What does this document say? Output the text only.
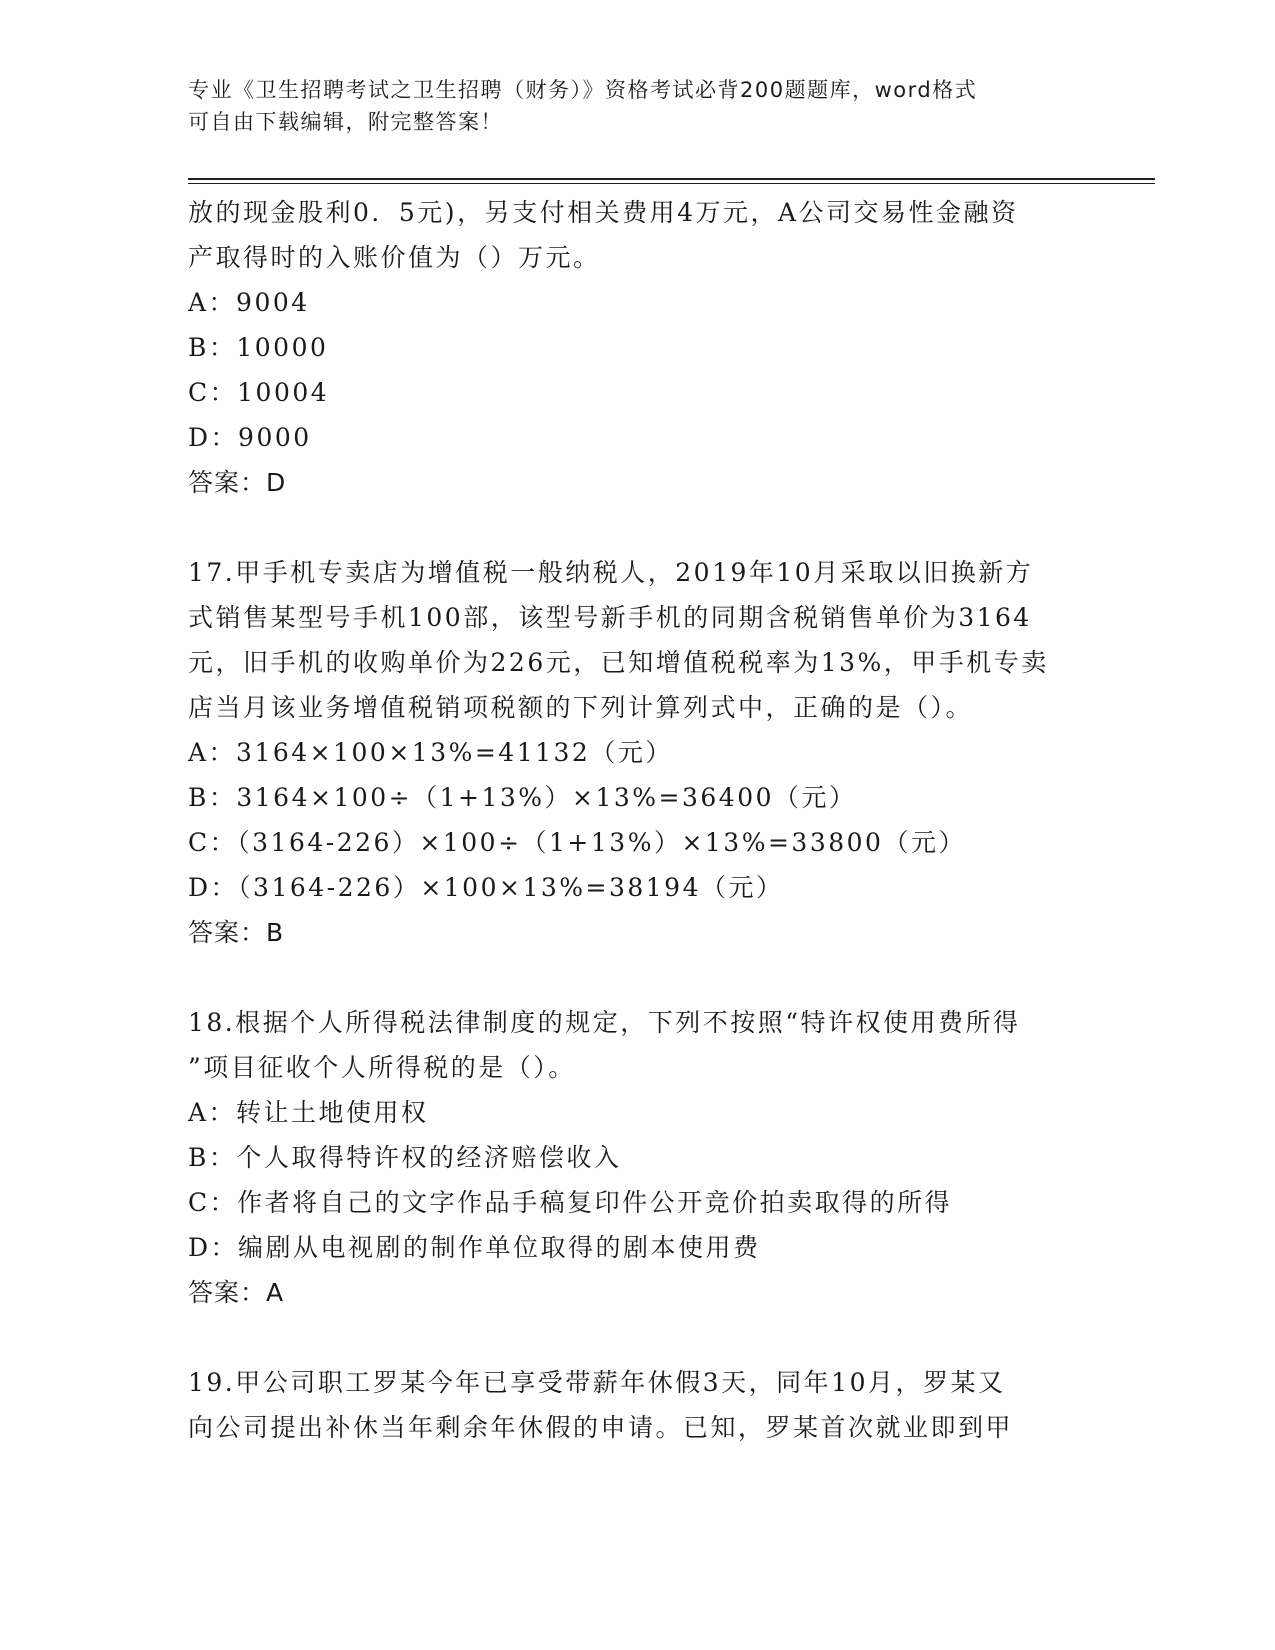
专业《卫生招聘考试之卫生招聘（财务）》资格考试必背200题题库，word格式
可自由下载编辑，附完整答案！
放的现金股利0．5元)，另支付相关费用4万元，A公司交易性金融资
产取得时的入账价值为（）万元。
A：9004
B：10000
C：10004
D：9000
答案：D
17.甲手机专卖店为增值税一般纳税人，2019年10月采取以旧换新方
式销售某型号手机100部，该型号新手机的同期含税销售单价为3164
元，旧手机的收购单价为226元，已知增值税税率为13%，甲手机专卖
店当月该业务增值税销项税额的下列计算列式中，正确的是（）。
A：3164×100×13%=41132（元）
B：3164×100÷（1+13%）×13%=36400（元）
C：（3164-226）×100÷（1+13%）×13%=33800（元）
D：（3164-226）×100×13%=38194（元）
答案：B
18.根据个人所得税法律制度的规定，下列不按照“特许权使用费所得
”项目征收个人所得税的是（）。
A：转让土地使用权
B：个人取得特许权的经济赔偿收入
C：作者将自己的文字作品手稿复印件公开竞价拍卖取得的所得
D：编剧从电视剧的制作单位取得的剧本使用费
答案：A
19.甲公司职工罗某今年已享受带薪年休假3天，同年10月，罗某又
向公司提出补休当年剩余年休假的申请。已知，罗某首次就业即到甲
